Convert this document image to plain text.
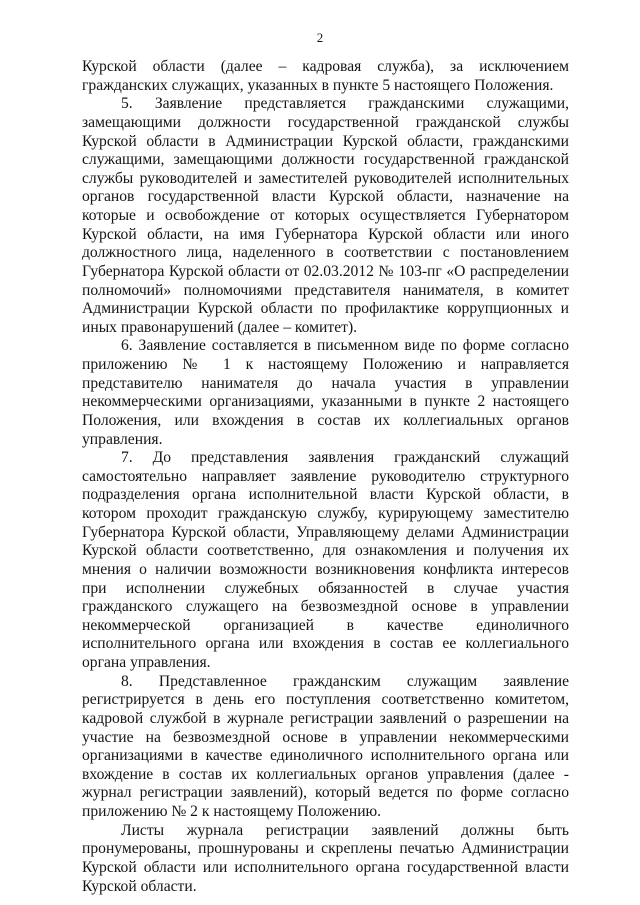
2

Курской области (далее – кадровая служба), за исключением гражданских служащих, указанных в пункте 5 настоящего Положения.

5. Заявление представляется гражданскими служащими, замещающими должности государственной гражданской службы Курской области в Администрации Курской области, гражданскими служащими, замещающими должности государственной гражданской службы руководителей и заместителей руководителей исполнительных органов государственной власти Курской области, назначение на которые и освобождение от которых осуществляется Губернатором Курской области, на имя Губернатора Курской области или иного должностного лица, наделенного в соответствии с постановлением Губернатора Курской области от 02.03.2012 № 103-пг «О распределении полномочий» полномочиями представителя нанимателя, в комитет Администрации Курской области по профилактике коррупционных и иных правонарушений (далее – комитет).

6. Заявление составляется в письменном виде по форме согласно приложению № 1 к настоящему Положению и направляется представителю нанимателя до начала участия в управлении некоммерческими организациями, указанными в пункте 2 настоящего Положения, или вхождения в состав их коллегиальных органов управления.

7. До представления заявления гражданский служащий самостоятельно направляет заявление руководителю структурного подразделения органа исполнительной власти Курской области, в котором проходит гражданскую службу, курирующему заместителю Губернатора Курской области, Управляющему делами Администрации Курской области соответственно, для ознакомления и получения их мнения о наличии возможности возникновения конфликта интересов при исполнении служебных обязанностей в случае участия гражданского служащего на безвозмездной основе в управлении некоммерческой организацией в качестве единоличного исполнительного органа или вхождения в состав ее коллегиального органа управления.

8. Представленное гражданским служащим заявление регистрируется в день его поступления соответственно комитетом, кадровой службой в журнале регистрации заявлений о разрешении на участие на безвозмездной основе в управлении некоммерческими организациями в качестве единоличного исполнительного органа или вхождение в состав их коллегиальных органов управления (далее - журнал регистрации заявлений), который ведется по форме согласно приложению № 2 к настоящему Положению.

Листы журнала регистрации заявлений должны быть пронумерованы, прошнурованы и скреплены печатью Администрации Курской области или исполнительного органа государственной власти Курской области.
